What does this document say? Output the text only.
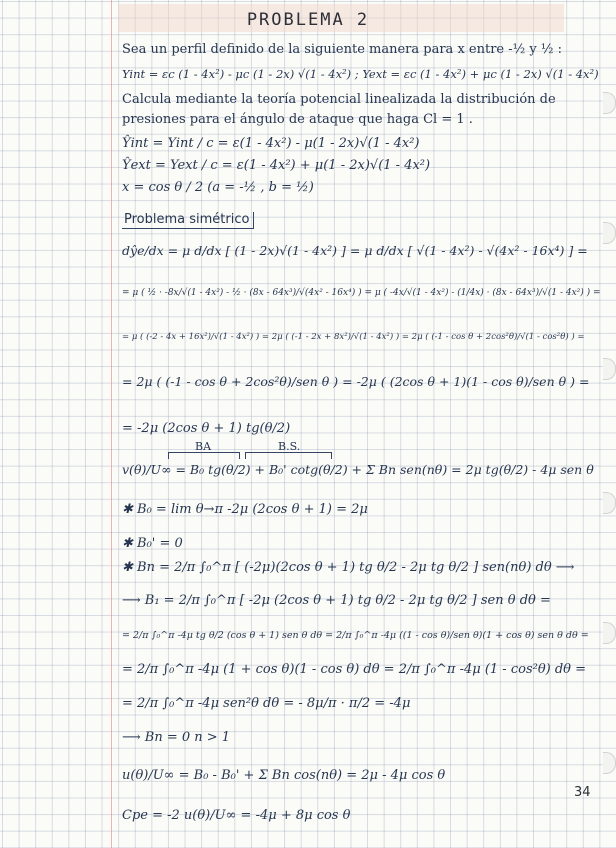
PROBLEMA 2
Sea un perfil definido de la siguiente manera para x entre -½ y ½ :
Yint = εc (1 - 4x²) - μc (1 - 2x) √(1 - 4x²) ; Yext = εc (1 - 4x²) + μc (1 - 2x) √(1 - 4x²)
Calcula mediante la teoría potencial linealizada la distribución de
presiones para el ángulo de ataque que haga Cl = 1 .
Ŷint = Yint / c = ε(1 - 4x²) - μ(1 - 2x)√(1 - 4x²)
Ŷext = Yext / c = ε(1 - 4x²) + μ(1 - 2x)√(1 - 4x²)
x = cos θ / 2 (a = -½ , b = ½)
Problema simétrico
dŷe/dx = μ d/dx [ (1 - 2x)√(1 - 4x²) ] = μ d/dx [ √(1 - 4x²) - √(4x² - 16x⁴) ] =
= μ ( ½ · -8x/√(1 - 4x²) - ½ · (8x - 64x³)/√(4x² - 16x⁴) ) = μ ( -4x/√(1 - 4x²) - (1/4x) · (8x - 64x³)/√(1 - 4x²) ) =
= μ ( (-2 - 4x + 16x²)/√(1 - 4x²) ) = 2μ ( (-1 - 2x + 8x²)/√(1 - 4x²) ) = 2μ ( (-1 - cos θ + 2cos²θ)/√(1 - cos²θ) ) =
= 2μ ( (-1 - cos θ + 2cos²θ)/sen θ ) = -2μ ( (2cos θ + 1)(1 - cos θ)/sen θ ) =
= -2μ (2cos θ + 1) tg(θ/2)
BA	B.S.
v(θ)/U∞ = B₀ tg(θ/2) + B₀' cotg(θ/2) + Σ Bn sen(nθ) = 2μ tg(θ/2) - 4μ sen θ
✱ B₀ = lim θ→π -2μ (2cos θ + 1) = 2μ
✱ B₀' = 0
✱ Bn = 2/π ∫₀^π [ (-2μ)(2cos θ + 1) tg θ/2 - 2μ tg θ/2 ] sen(nθ) dθ ⟶
⟶ B₁ = 2/π ∫₀^π [ -2μ (2cos θ + 1) tg θ/2 - 2μ tg θ/2 ] sen θ dθ =
= 2/π ∫₀^π -4μ tg θ/2 (cos θ + 1) sen θ dθ = 2/π ∫₀^π -4μ ((1 - cos θ)/sen θ)(1 + cos θ) sen θ dθ =
= 2/π ∫₀^π -4μ (1 + cos θ)(1 - cos θ) dθ = 2/π ∫₀^π -4μ (1 - cos²θ) dθ =
= 2/π ∫₀^π -4μ sen²θ dθ = - 8μ/π · π/2 = -4μ
⟶ Bn = 0 n > 1
u(θ)/U∞ = B₀ - B₀' + Σ Bn cos(nθ) = 2μ - 4μ cos θ
Cpe = -2 u(θ)/U∞ = -4μ + 8μ cos θ
34
